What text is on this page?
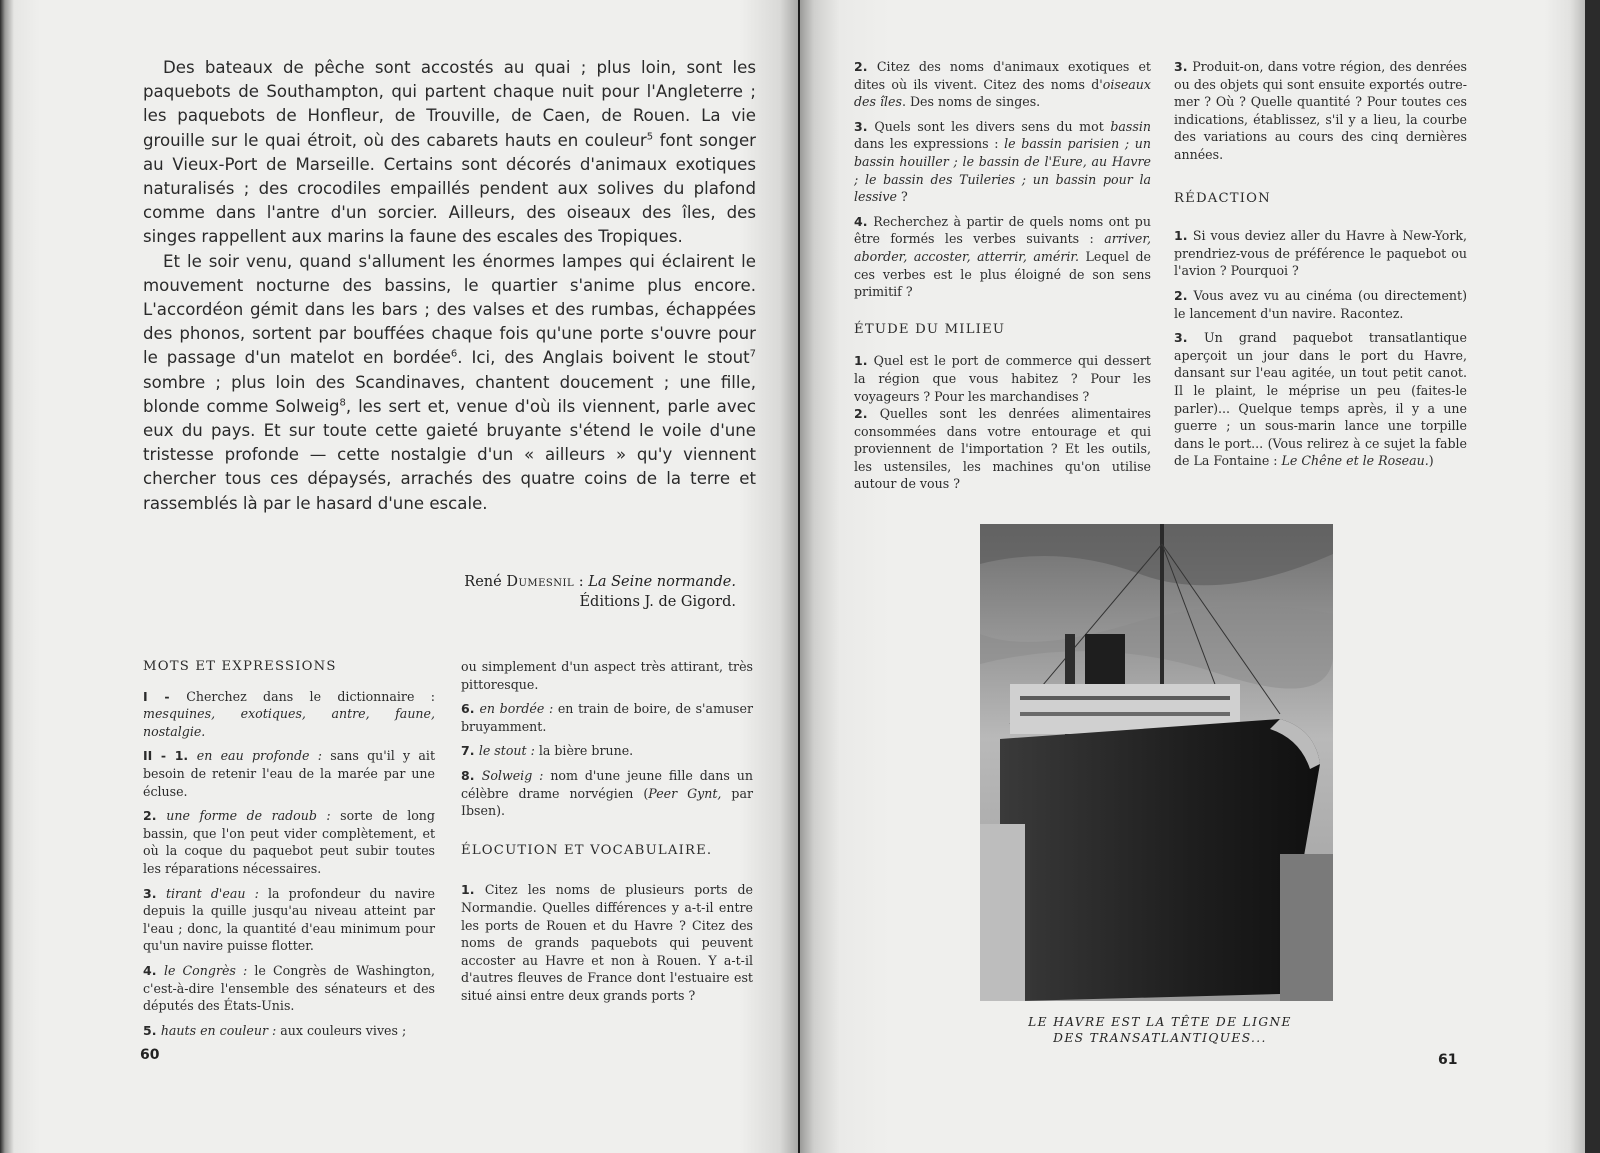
Des bateaux de pêche sont accostés au quai ; plus loin, sont les paquebots de Southampton, qui partent chaque nuit pour l'Angleterre ; les paquebots de Honfleur, de Trouville, de Caen, de Rouen. La vie grouille sur le quai étroit, où des cabarets hauts en couleur$^5$ font songer au Vieux-Port de Marseille. Certains sont décorés d'animaux exotiques naturalisés ; des crocodiles empaillés pendent aux solives du plafond comme dans l'antre d'un sorcier. Ailleurs, des oiseaux des îles, des singes rappellent aux marins la faune des escales des Tropiques.

Et le soir venu, quand s'allument les énormes lampes qui éclairent le mouvement nocturne des bassins, le quartier s'anime plus encore. L'accordéon gémit dans les bars ; des valses et des rumbas, échappées des phonos, sortent par bouffées chaque fois qu'une porte s'ouvre pour le passage d'un matelot en bordée$^6$. Ici, des Anglais boivent le stout$^7$ sombre ; plus loin des Scandinaves, chantent doucement ; une fille, blonde comme Solweig$^8$, les sert et, venue d'où ils viennent, parle avec eux du pays. Et sur toute cette gaieté bruyante s'étend le voile d'une tristesse profonde — cette nostalgie d'un « ailleurs » qu'y viennent chercher tous ces dépaysés, arrachés des quatre coins de la terre et rassemblés là par le hasard d'une escale.

René Dumesnil : La Seine normande.
Éditions J. de Gigord.

MOTS ET EXPRESSIONS

I - Cherchez dans le dictionnaire : mesquines, exotiques, antre, faune, nostalgie.

II - 1. en eau profonde : sans qu'il y ait besoin de retenir l'eau de la marée par une écluse.

2. une forme de radoub : sorte de long bassin, que l'on peut vider complètement, et où la coque du paquebot peut subir toutes les réparations nécessaires.

3. tirant d'eau : la profondeur du navire depuis la quille jusqu'au niveau atteint par l'eau ; donc, la quantité d'eau minimum pour qu'un navire puisse flotter.

4. le Congrès : le Congrès de Washington, c'est-à-dire l'ensemble des sénateurs et des députés des États-Unis.

5. hauts en couleur : aux couleurs vives ;

ou simplement d'un aspect très attirant, très pittoresque.

6. en bordée : en train de boire, de s'amuser bruyamment.

7. le stout : la bière brune.

8. Solweig : nom d'une jeune fille dans un célèbre drame norvégien (Peer Gynt, par Ibsen).

ÉLOCUTION ET VOCABULAIRE.

1. Citez les noms de plusieurs ports de Normandie. Quelles différences y a-t-il entre les ports de Rouen et du Havre ? Citez des noms de grands paquebots qui peuvent accoster au Havre et non à Rouen. Y a-t-il d'autres fleuves de France dont l'estuaire est situé ainsi entre deux grands ports ?

60

2. Citez des noms d'animaux exotiques et dites où ils vivent. Citez des noms d'oiseaux des îles. Des noms de singes.

3. Quels sont les divers sens du mot bassin dans les expressions : le bassin parisien ; un bassin houiller ; le bassin de l'Eure, au Havre ; le bassin des Tuileries ; un bassin pour la lessive ?

4. Recherchez à partir de quels noms ont pu être formés les verbes suivants : arriver, aborder, accoster, atterrir, amérir. Lequel de ces verbes est le plus éloigné de son sens primitif ?

ÉTUDE DU MILIEU

1. Quel est le port de commerce qui dessert la région que vous habitez ? Pour les voyageurs ? Pour les marchandises ?

2. Quelles sont les denrées alimentaires consommées dans votre entourage et qui proviennent de l'importation ? Et les outils, les ustensiles, les machines qu'on utilise autour de vous ?

3. Produit-on, dans votre région, des denrées ou des objets qui sont ensuite exportés outre-mer ? Où ? Quelle quantité ? Pour toutes ces indications, établissez, s'il y a lieu, la courbe des variations au cours des cinq dernières années.

RÉDACTION

1. Si vous deviez aller du Havre à New-York, prendriez-vous de préférence le paquebot ou l'avion ? Pourquoi ?

2. Vous avez vu au cinéma (ou directement) le lancement d'un navire. Racontez.

3. Un grand paquebot transatlantique aperçoit un jour dans le port du Havre, dansant sur l'eau agitée, un tout petit canot. Il le plaint, le méprise un peu (faites-le parler)... Quelque temps après, il y a une guerre ; un sous-marin lance une torpille dans le port... (Vous relirez à ce sujet la fable de La Fontaine : Le Chêne et le Roseau.)

LE HAVRE EST LA TÊTE DE LIGNE
DES TRANSATLANTIQUES...
61
